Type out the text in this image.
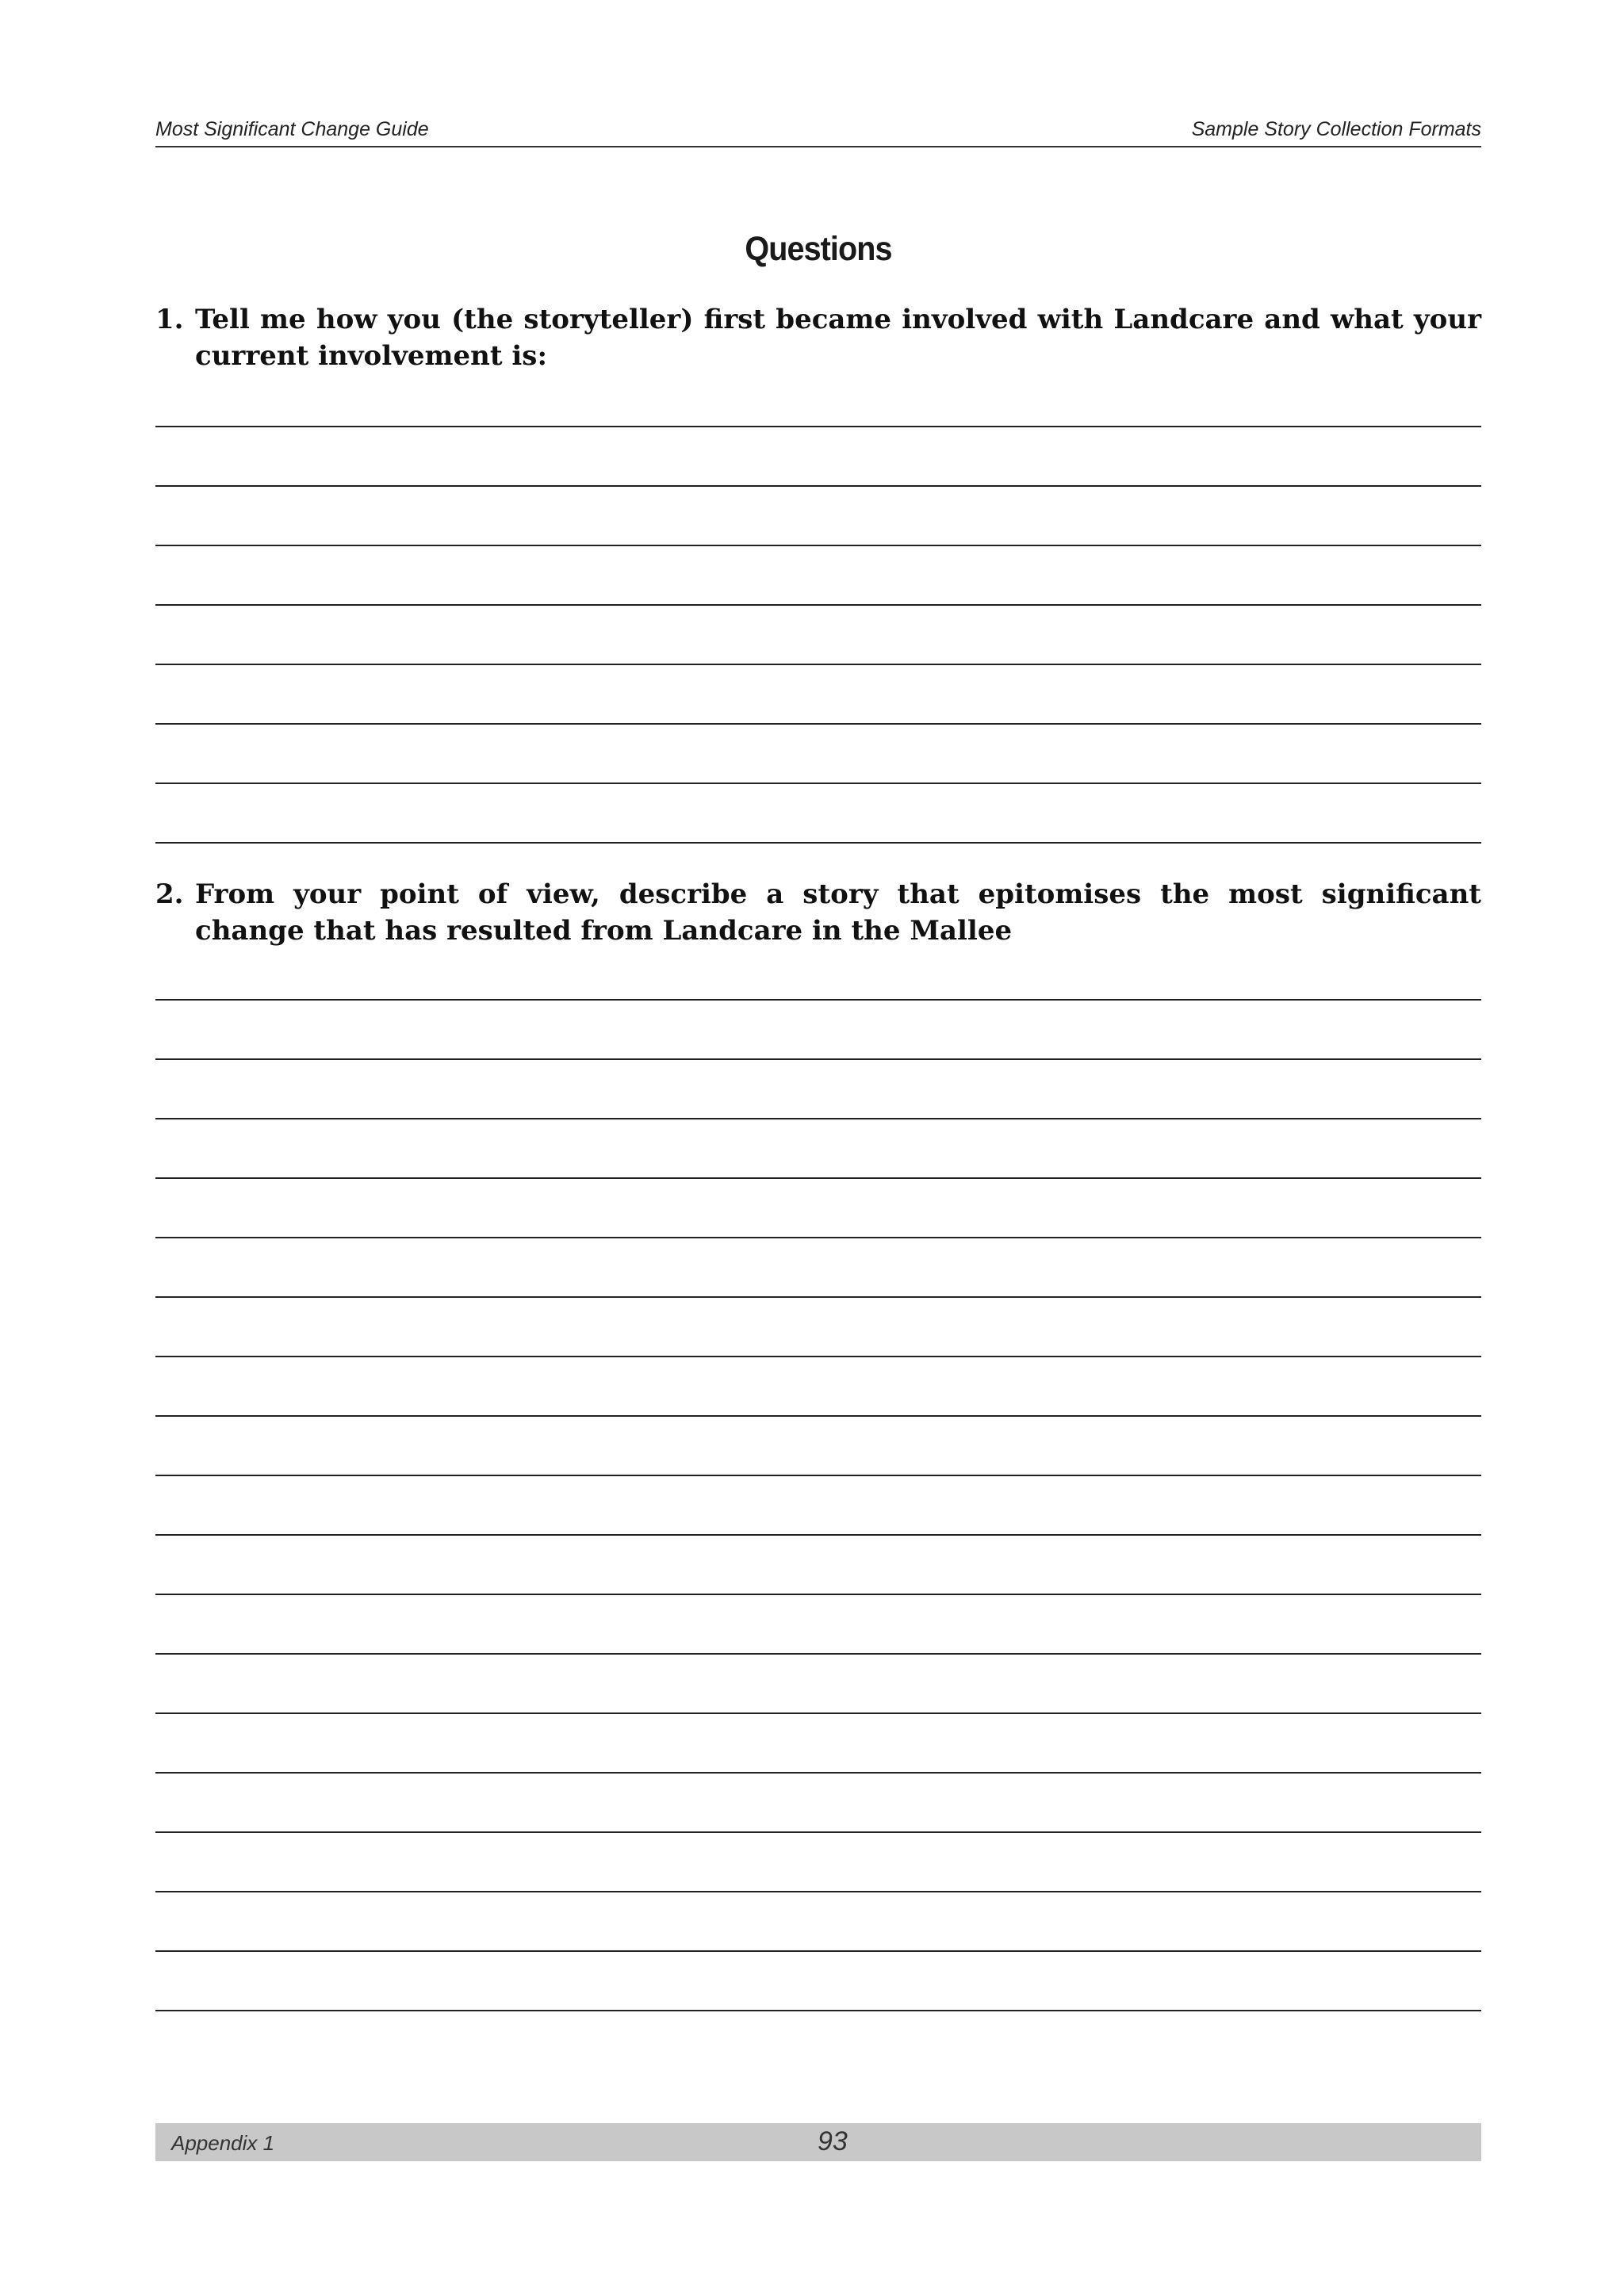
Most Significant Change Guide	Sample Story Collection Formats
Questions
1. Tell me how you (the storyteller) first became involved with Landcare and what your current involvement is:
2. From your point of view, describe a story that epitomises the most significant change that has resulted from Landcare in the Mallee
Appendix 1	93
